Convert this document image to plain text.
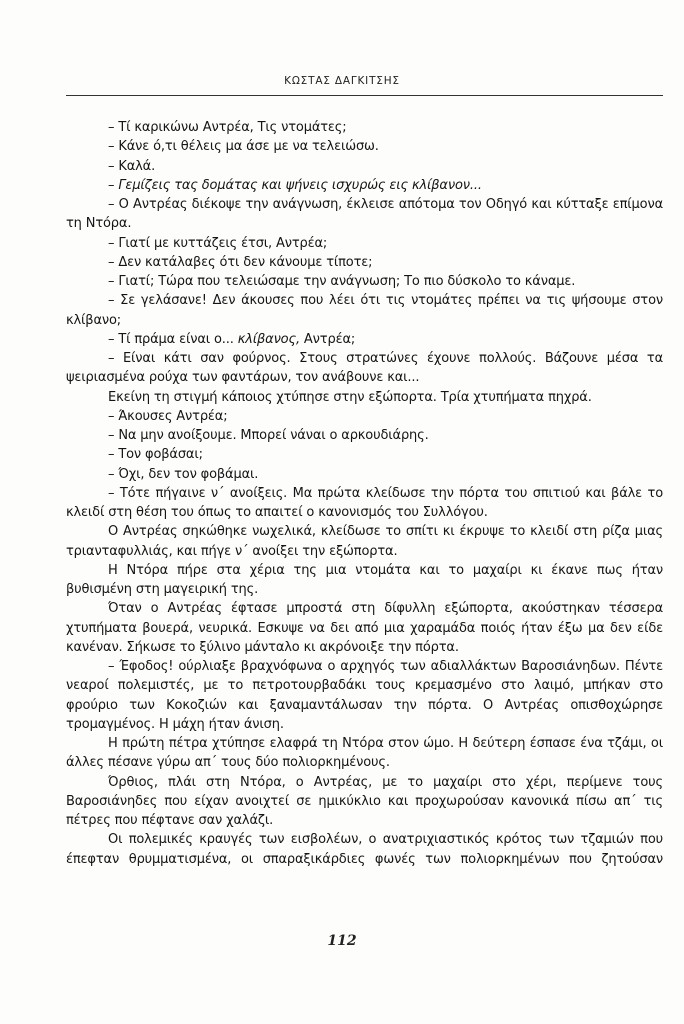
ΚΩΣΤΑΣ ΔΑΓΚΙΤΣΗΣ

– Τί καρικώνω Αντρέα, Τις ντομάτες;

– Κάνε ό,τι θέλεις μα άσε με να τελειώσω.

– Καλά.

– Γεμίζεις τας δομάτας και ψήνεις ισχυρώς εις κλίβανον...

– Ο Αντρέας διέκοψε την ανάγνωση, έκλεισε απότομα τον Οδηγό και κύτταξε επίμονα τη Ντόρα.

– Γιατί με κυττάζεις έτσι, Αντρέα;

– Δεν κατάλαβες ότι δεν κάνουμε τίποτε;

– Γιατί; Τώρα που τελειώσαμε την ανάγνωση; Το πιο δύσκολο το κάναμε.

– Σε γελάσανε! Δεν άκουσες που λέει ότι τις ντομάτες πρέπει να τις ψήσουμε στον κλίβανο;

– Τί πράμα είναι ο... κλίβανος, Αντρέα;

– Είναι κάτι σαν φούρνος. Στους στρατώνες έχουνε πολλούς. Βάζουνε μέσα τα ψειριασμένα ρούχα των φαντάρων, τον ανάβουνε και...

Εκείνη τη στιγμή κάποιος χτύπησε στην εξώπορτα. Τρία χτυπήματα πηχρά.

– Άκουσες Αντρέα;

– Να μην ανοίξουμε. Μπορεί νάναι ο αρκουδιάρης.

– Τον φοβάσαι;

– Όχι, δεν τον φοβάμαι.

– Τότε πήγαινε ν΄ ανοίξεις. Μα πρώτα κλείδωσε την πόρτα του σπιτιού και βάλε το κλειδί στη θέση του όπως το απαιτεί ο κανονισμός του Συλλόγου.

Ο Αντρέας σηκώθηκε νωχελικά, κλείδωσε το σπίτι κι έκρυψε το κλειδί στη ρίζα μιας τριανταφυλλιάς, και πήγε ν΄ ανοίξει την εξώπορτα.

Η Ντόρα πήρε στα χέρια της μια ντομάτα και το μαχαίρι κι έκανε πως ήταν βυθισμένη στη μαγειρική της.

Όταν ο Αντρέας έφτασε μπροστά στη δίφυλλη εξώπορτα, ακούστηκαν τέσσερα χτυπήματα βουερά, νευρικά. Εσκυψε να δει από μια χαραμάδα ποιός ήταν έξω μα δεν είδε κανέναν. Σήκωσε το ξύλινο μάνταλο κι ακρόνοιξε την πόρτα.

– Έφοδος! ούρλιαξε βραχνόφωνα ο αρχηγός των αδιαλλάκτων Βαροσιάνηδων. Πέντε νεαροί πολεμιστές, με το πετροτουρβαδάκι τους κρεμασμένο στο λαιμό, μπήκαν στο φρούριο των Κοκοζιών και ξαναμαντάλωσαν την πόρτα. Ο Αντρέας οπισθοχώρησε τρομαγμένος. Η μάχη ήταν άνιση.

Η πρώτη πέτρα χτύπησε ελαφρά τη Ντόρα στον ώμο. Η δεύτερη έσπασε ένα τζάμι, οι άλλες πέσανε γύρω απ΄ τους δύο πολιορκημένους.

Όρθιος, πλάι στη Ντόρα, ο Αντρέας, με το μαχαίρι στο χέρι, περίμενε τους Βαροσιάνηδες που είχαν ανοιχτεί σε ημικύκλιο και προχωρούσαν κανονικά πίσω απ΄ τις πέτρες που πέφτανε σαν χαλάζι.

Οι πολεμικές κραυγές των εισβολέων, ο ανατριχιαστικός κρότος των τζαμιών που έπεφταν θρυμματισμένα, οι σπαραξικάρδιες φωνές των πολιορκημένων που ζητούσαν

112
